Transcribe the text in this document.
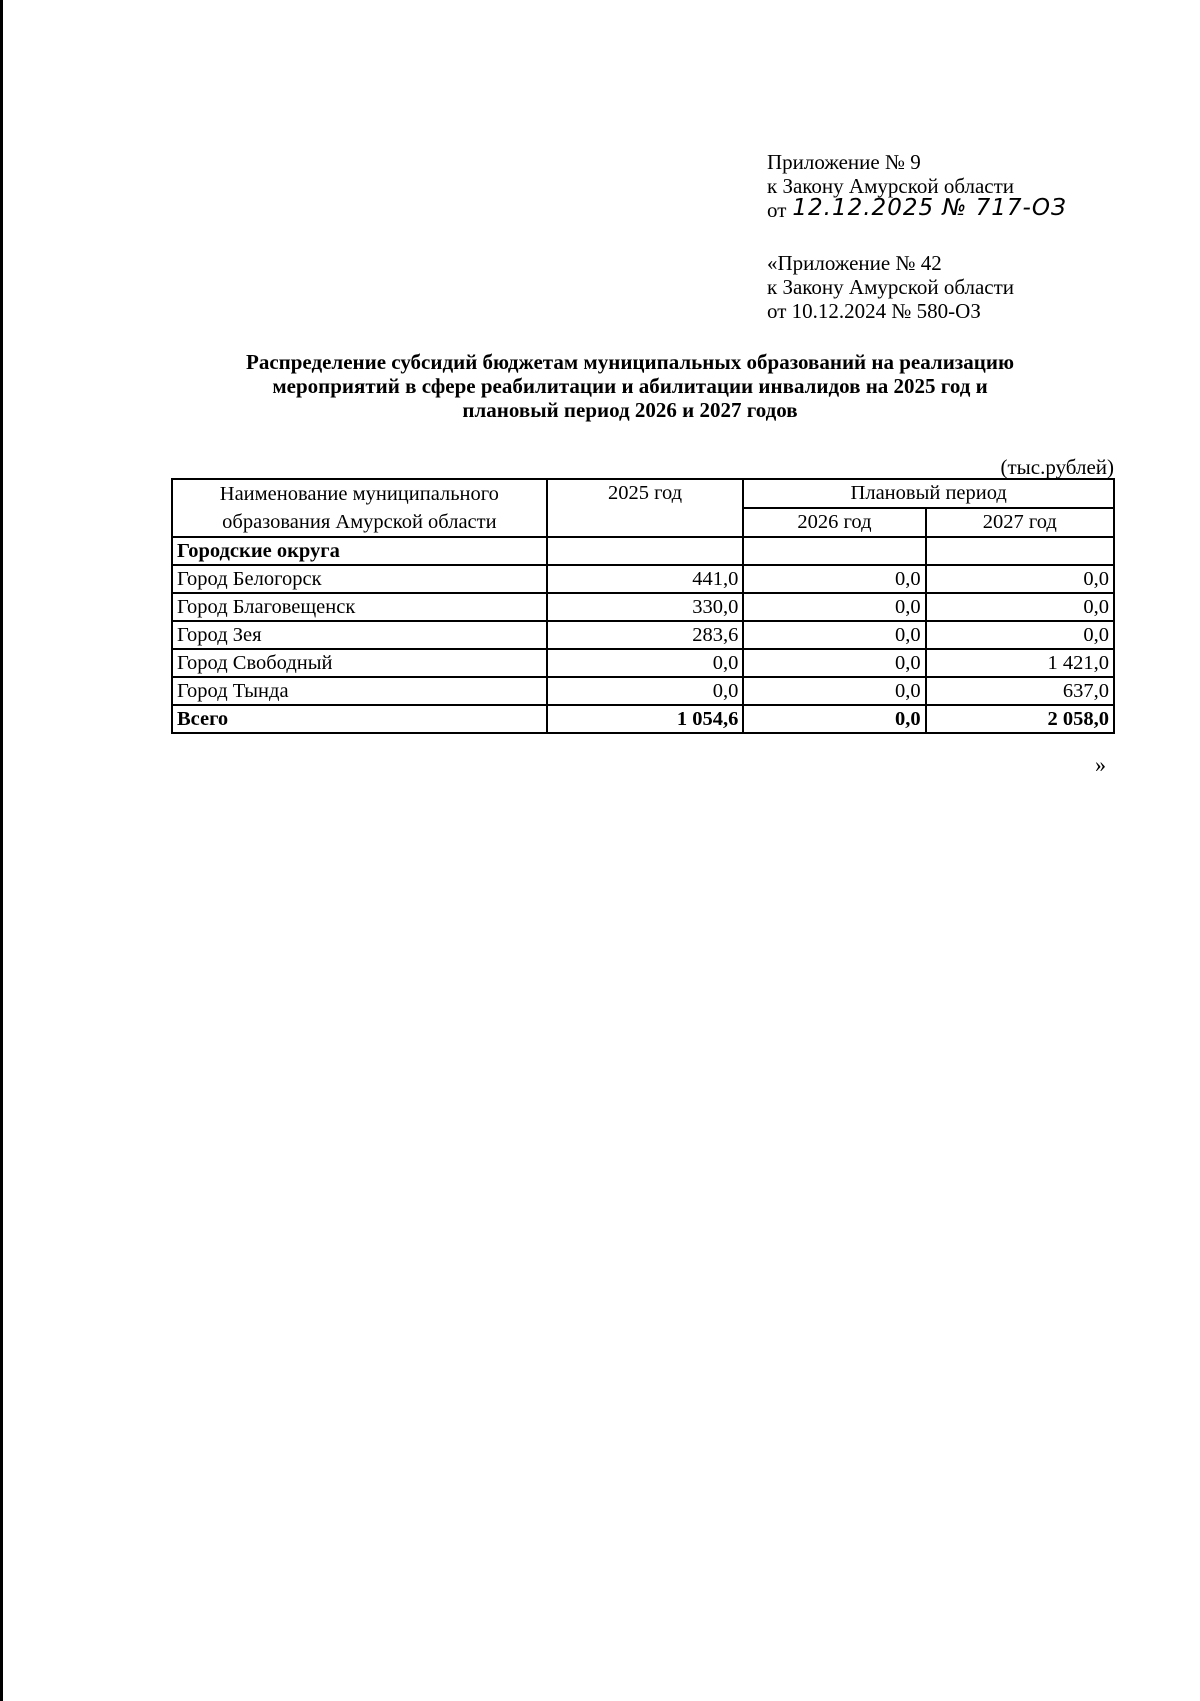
Приложение № 9
к Закону Амурской области
от 12.12.2025 № 717-ОЗ
«Приложение № 42
к Закону Амурской области
от 10.12.2024 № 580-ОЗ
Распределение субсидий бюджетам муниципальных образований на реализацию
мероприятий в сфере реабилитации и абилитации инвалидов на 2025 год и
плановый период 2026 и 2027 годов
(тыс.рублей)
Наименование муниципального образования Амурской области	2025 год	Плановый период	
		2026 год	2027 год
Городские округа			
Город Белогорск	441,0	0,0	0,0
Город Благовещенск	330,0	0,0	0,0
Город Зея	283,6	0,0	0,0
Город Свободный	0,0	0,0	1 421,0
Город Тында	0,0	0,0	637,0
Всего	1 054,6	0,0	2 058,0
»
